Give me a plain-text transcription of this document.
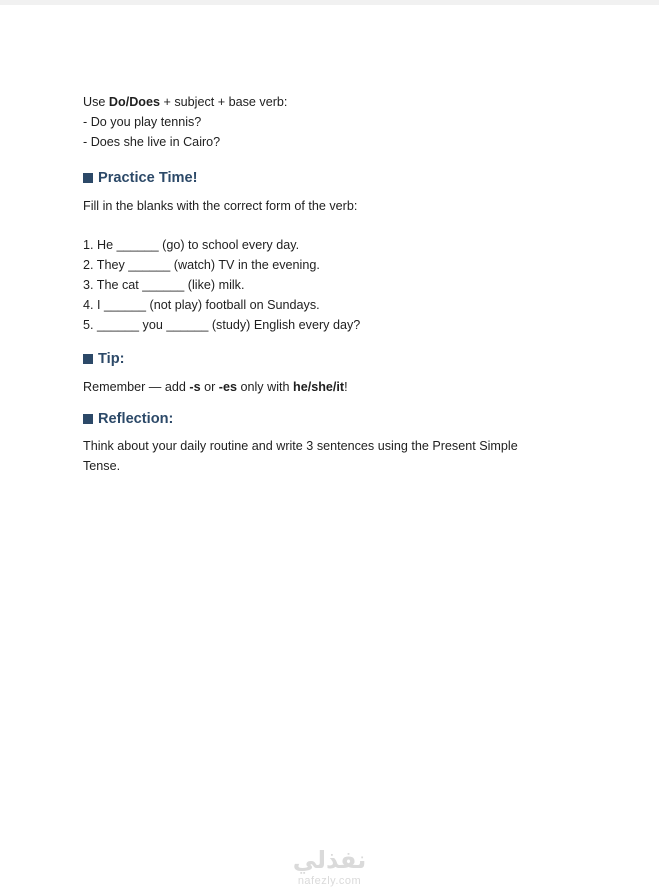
Use Do/Does + subject + base verb:
- Do you play tennis?
- Does she live in Cairo?
Practice Time!
Fill in the blanks with the correct form of the verb:
1. He ______ (go) to school every day.
2. They ______ (watch) TV in the evening.
3. The cat ______ (like) milk.
4. I ______ (not play) football on Sundays.
5. ______ you ______ (study) English every day?
Tip:
Remember — add -s or -es only with he/she/it!
Reflection:
Think about your daily routine and write 3 sentences using the Present Simple Tense.
نفذلي
nafezly.com
